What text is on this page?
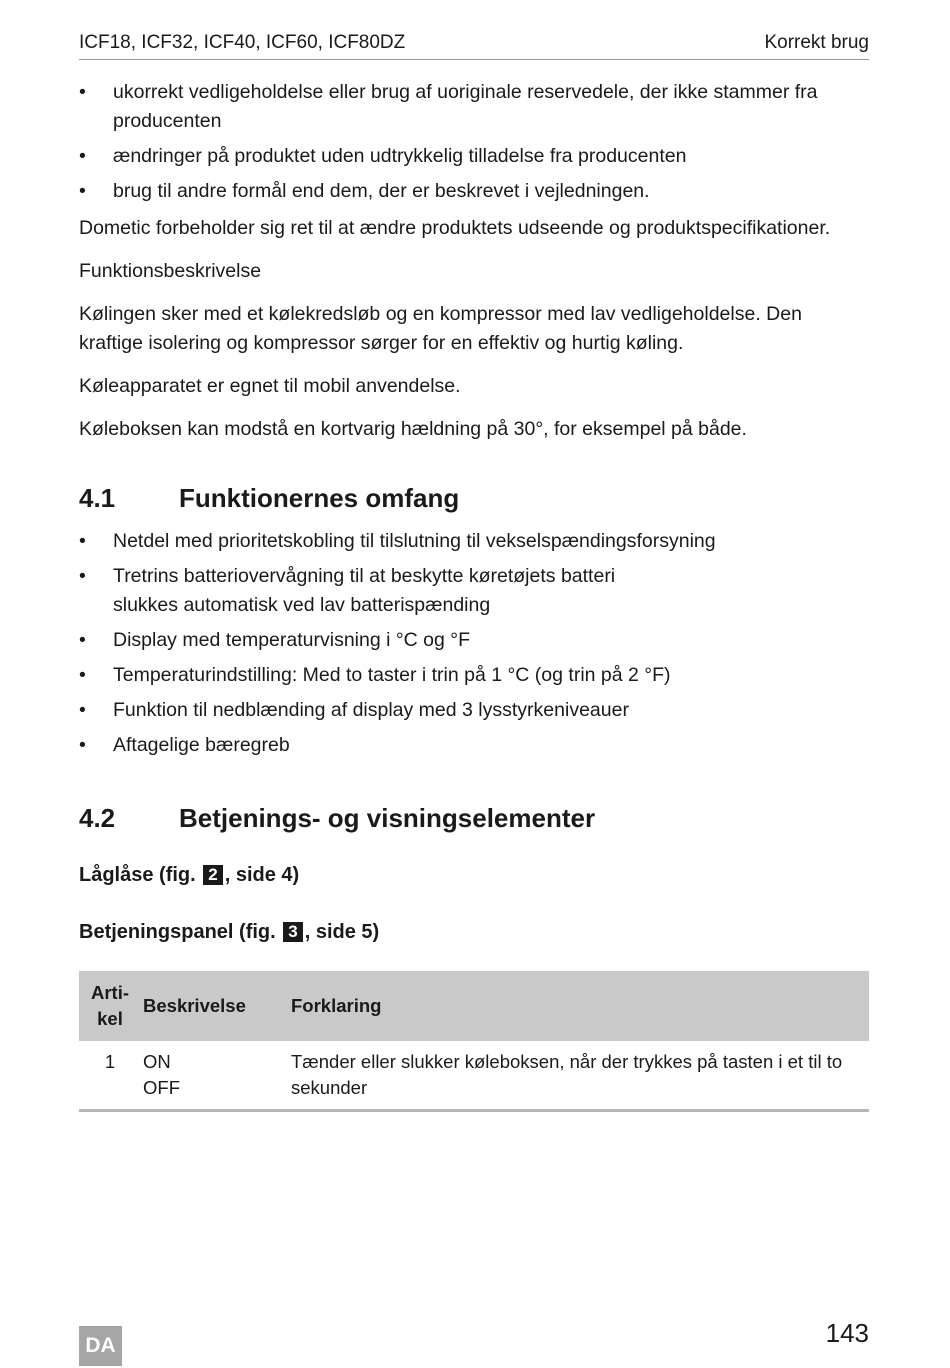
ICF18, ICF32, ICF40, ICF60, ICF80DZ	Korrekt brug
• ukorrekt vedligeholdelse eller brug af uoriginale reservedele, der ikke stammer fra producenten
• ændringer på produktet uden udtrykkelig tilladelse fra producenten
• brug til andre formål end dem, der er beskrevet i vejledningen.

Dometic forbeholder sig ret til at ændre produktets udseende og produktspecifikationer.

Funktionsbeskrivelse

Kølingen sker med et kølekredsløb og en kompressor med lav vedligeholdelse. Den kraftige isolering og kompressor sørger for en effektiv og hurtig køling.

Køleapparatet er egnet til mobil anvendelse.

Køleboksen kan modstå en kortvarig hældning på 30°, for eksempel på både.

4.1	Funktionernes omfang
• Netdel med prioritetskobling til tilslutning til vekselspændingsforsyning
• Tretrins batteriovervågning til at beskytte køretøjets batteri
slukkes automatisk ved lav batterispænding
• Display med temperaturvisning i °C og °F
• Temperaturindstilling: Med to taster i trin på 1 °C (og trin på 2 °F)
• Funktion til nedblænding af display med 3 lysstyrkeniveauer
• Aftagelige bæregreb
4.2	Betjenings- og visningselementer

Låglåse (fig. 2 , side 4)

Betjeningspanel (fig. 3 , side 5)

Arti-
kel	Beskrivelse	Forklaring
1	ON
OFF	Tænder eller slukker køleboksen, når der trykkes på tasten i et til to sekunder
DA	143
